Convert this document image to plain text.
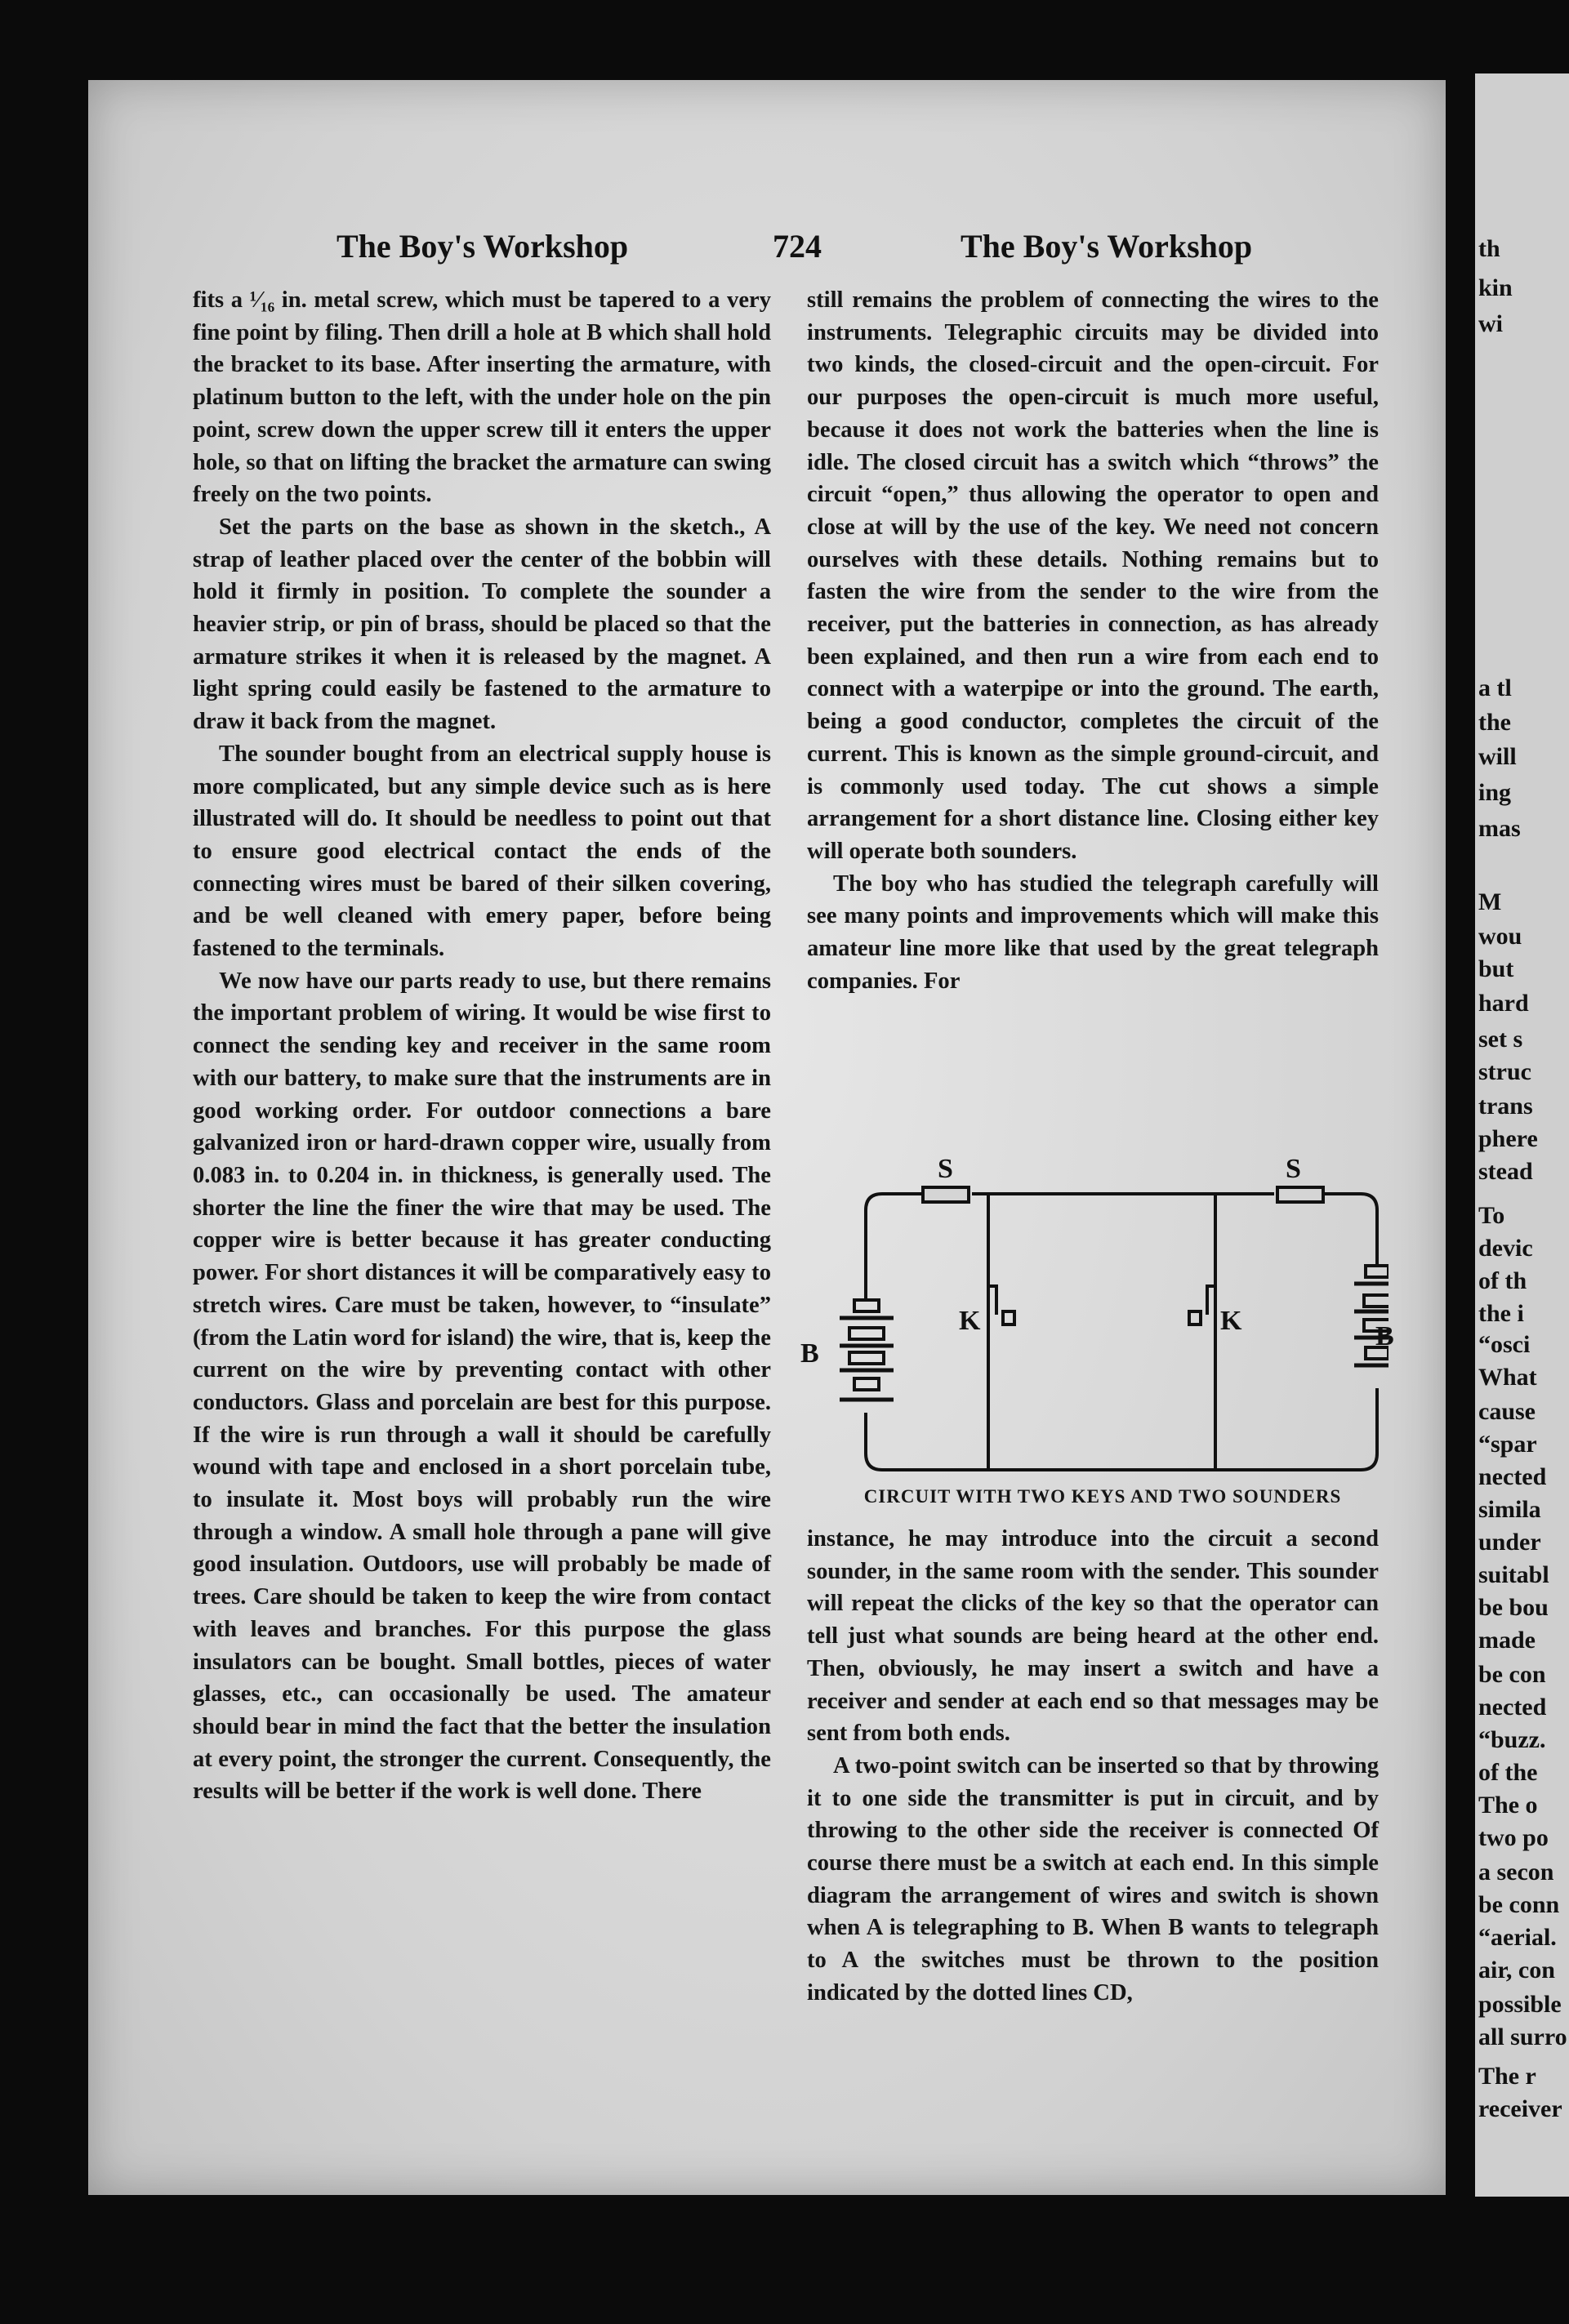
th
kin
wi
a tl
the
will
ing
mas
M
wou
but
hard
set s
struc
trans
phere
stead
To
devic
of th
the i
“osci
What
cause
“spar
nected
simila
under
suitabl
be bou
made
be con
nected
“buzz.
of the
The o
two po
a secon
be conn
“aerial.
air, con
possible
all surro
The r
receiver
The Boy's Workshop	724	The Boy's Workshop

fits a ¹⁄₁₆ in. metal screw, which must be tapered to a very fine point by filing. Then drill a hole at B which shall hold the bracket to its base. After inserting the armature, with platinum button to the left, with the under hole on the pin point, screw down the upper screw till it enters the upper hole, so that on lifting the bracket the armature can swing freely on the two points.

Set the parts on the base as shown in the sketch., A strap of leather placed over the center of the bobbin will hold it firmly in position. To complete the sounder a heavier strip, or pin of brass, should be placed so that the armature strikes it when it is released by the magnet. A light spring could easily be fastened to the armature to draw it back from the magnet.

The sounder bought from an electrical supply house is more complicated, but any simple device such as is here illustrated will do. It should be needless to point out that to ensure good electrical contact the ends of the connecting wires must be bared of their silken covering, and be well cleaned with emery paper, before being fastened to the terminals.

We now have our parts ready to use, but there remains the important problem of wiring. It would be wise first to connect the sending key and receiver in the same room with our battery, to make sure that the instruments are in good working order. For outdoor connections a bare galvanized iron or hard-drawn copper wire, usually from 0.083 in. to 0.204 in. in thickness, is generally used. The shorter the line the finer the wire that may be used. The copper wire is better because it has greater conducting power. For short distances it will be comparatively easy to stretch wires. Care must be taken, however, to “insulate” (from the Latin word for island) the wire, that is, keep the current on the wire by preventing contact with other conductors. Glass and porcelain are best for this purpose. If the wire is run through a wall it should be carefully wound with tape and enclosed in a short porcelain tube, to insulate it. Most boys will probably run the wire through a window. A small hole through a pane will give good insulation. Outdoors, use will probably be made of trees. Care should be taken to keep the wire from contact with leaves and branches. For this purpose the glass insulators can be bought. Small bottles, pieces of water glasses, etc., can occasionally be used. The amateur should bear in mind the fact that the better the insulation at every point, the stronger the current. Consequently, the results will be better if the work is well done. There

still remains the problem of connecting the wires to the instruments. Telegraphic circuits may be divided into two kinds, the closed-circuit and the open-circuit. For our purposes the open-circuit is much more useful, because it does not work the batteries when the line is idle. The closed circuit has a switch which “throws” the circuit “open,” thus allowing the operator to open and close at will by the use of the key. We need not concern ourselves with these details. Nothing remains but to fasten the wire from the sender to the wire from the receiver, put the batteries in connection, as has already been explained, and then run a wire from each end to connect with a waterpipe or into the ground. The earth, being a good conductor, completes the circuit of the current. This is known as the simple ground-circuit, and is commonly used today. The cut shows a simple arrangement for a short distance line. Closing either key will operate both sounders.

The boy who has studied the telegraph carefully will see many points and improvements which will make this amateur line more like that used by the great telegraph companies. For

S	S
K	K
B
B
CIRCUIT WITH TWO KEYS AND TWO SOUNDERS

instance, he may introduce into the circuit a second sounder, in the same room with the sender. This sounder will repeat the clicks of the key so that the operator can tell just what sounds are being heard at the other end. Then, obviously, he may insert a switch and have a receiver and sender at each end so that messages may be sent from both ends.

A two-point switch can be inserted so that by throwing it to one side the transmitter is put in circuit, and by throwing to the other side the receiver is connected Of course there must be a switch at each end. In this simple diagram the arrangement of wires and switch is shown when A is telegraphing to B. When B wants to telegraph to A the switches must be thrown to the position indicated by the dotted lines CD,
